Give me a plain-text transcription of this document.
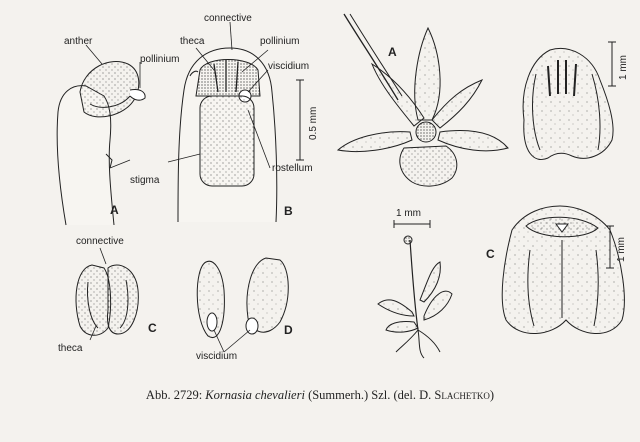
anther
pollinium
connective
theca	pollinium
viscidium
stigma
rostellum
connective
theca
viscidium
A	B
C	D
A
C
0.5 mm
1 mm
1 mm
1 mm
Abb. 2729: Kornasia chevalieri (Summerh.) Szl. (del. D. Slachetko)
